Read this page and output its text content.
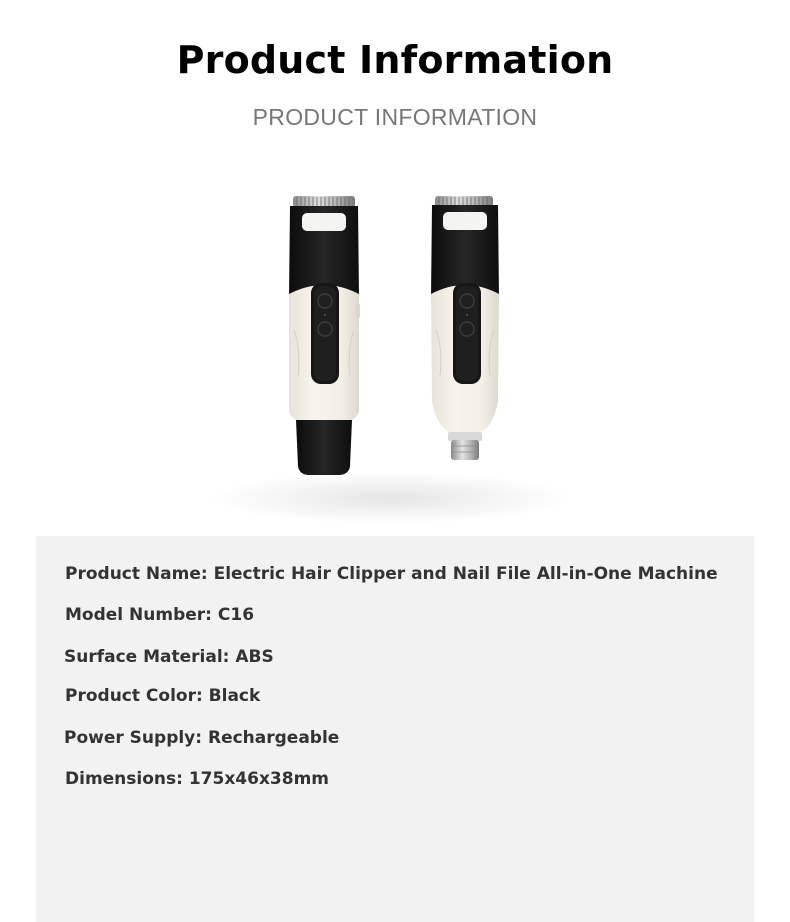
Product Information
PRODUCT INFORMATION

Product Name: Electric Hair Clipper and Nail File All-in-One Machine

Model Number: C16

Surface Material: ABS

Product Color: Black

Power Supply: Rechargeable

Dimensions: 175x46x38mm
